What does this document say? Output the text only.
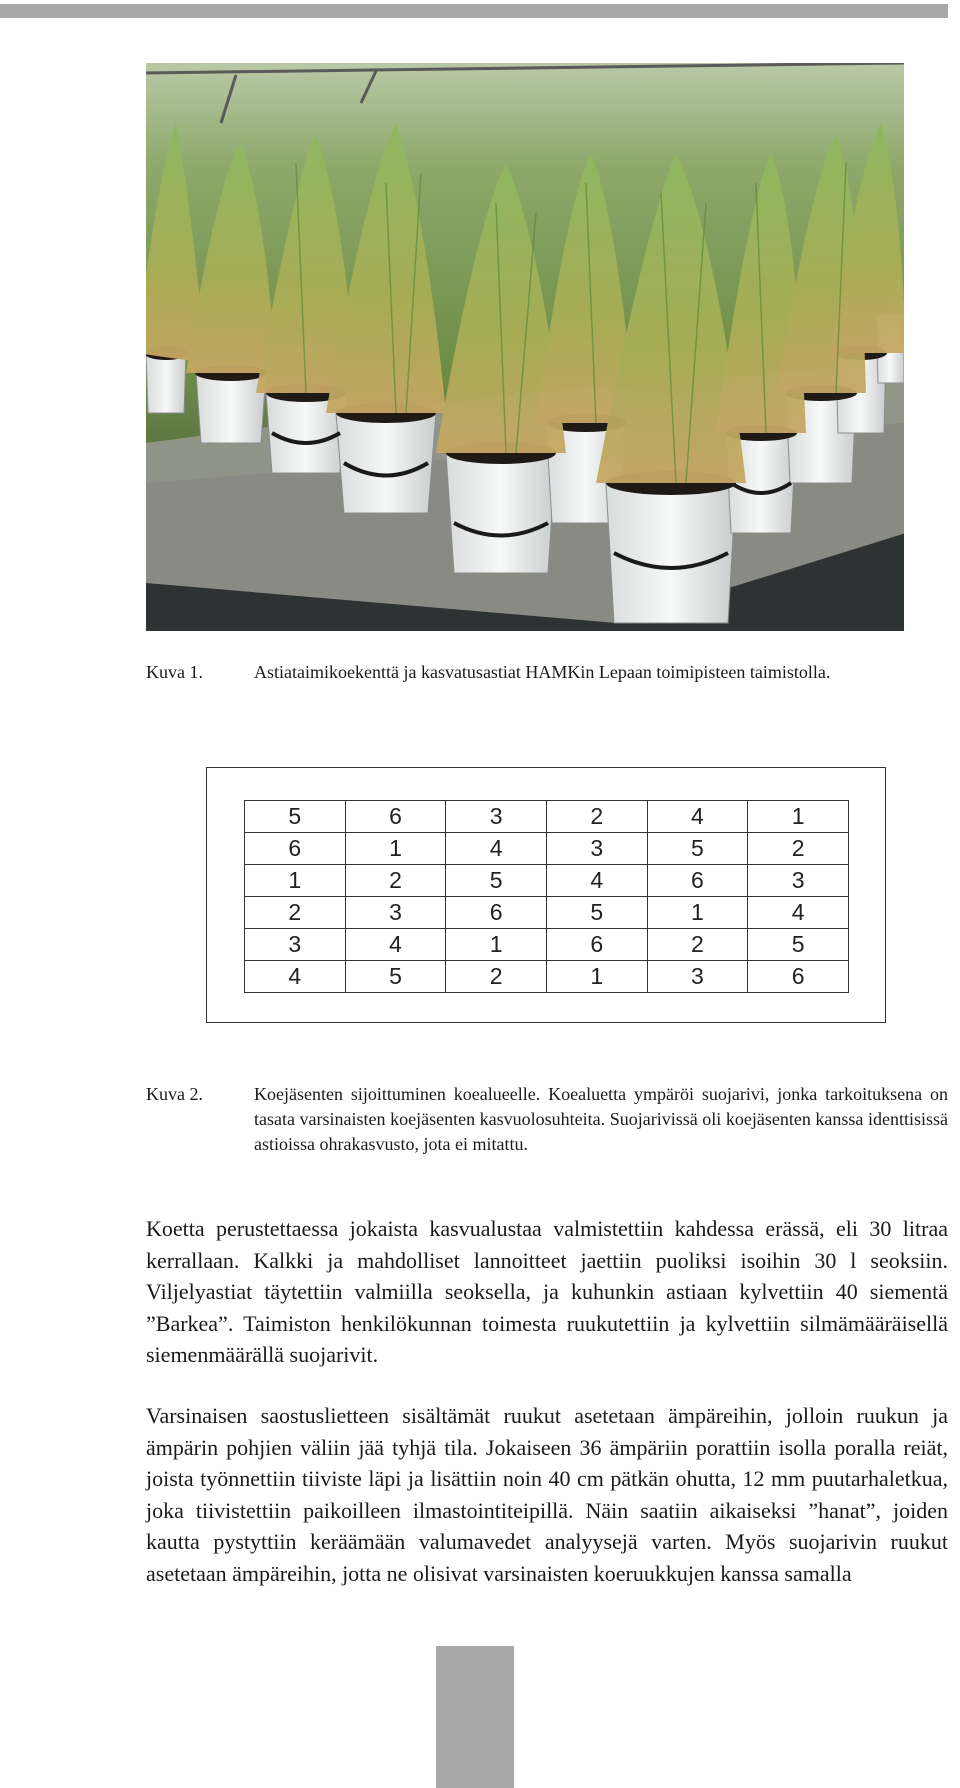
Kuva 1.	Astiataimikoekenttä ja kasvatusastiat HAMKin Lepaan toimipisteen taimistolla.
5	6	3	2	4	1
6	1	4	3	5	2
1	2	5	4	6	3
2	3	6	5	1	4
3	4	1	6	2	5
4	5	2	1	3	6
Kuva 2.	Koejäsenten sijoittuminen koealueelle. Koealuetta ympäröi suojarivi, jonka tarkoituksena on tasata varsinaisten koejäsenten kasvuolosuhteita. Suojarivissä oli koejäsenten kanssa identtisissä astioissa ohrakasvusto, jota ei mitattu.

Koetta perustettaessa jokaista kasvualustaa valmistettiin kahdessa erässä, eli 30 litraa kerrallaan. Kalkki ja mahdolliset lannoitteet jaettiin puoliksi isoihin 30 l seoksiin. Viljelyastiat täytettiin valmiilla seoksella, ja kuhunkin astiaan kylvettiin 40 siementä ”Barkea”. Taimiston henkilökunnan toimesta ruukutettiin ja kylvettiin silmämääräisellä siemenmäärällä suojarivit.

Varsinaisen saostuslietteen sisältämät ruukut asetetaan ämpäreihin, jolloin ruukun ja ämpärin pohjien väliin jää tyhjä tila. Jokaiseen 36 ämpäriin porattiin isolla poralla reiät, joista työnnettiin tiiviste läpi ja lisättiin noin 40 cm pätkän ohutta, 12 mm puutarhaletkua, joka tiivistettiin paikoilleen ilmastointiteipillä. Näin saatiin aikaiseksi ”hanat”, joiden kautta pystyttiin keräämään valumavedet analyysejä varten. Myös suojarivin ruukut asetetaan ämpäreihin, jotta ne olisivat varsinaisten koeruukkujen kanssa samalla
